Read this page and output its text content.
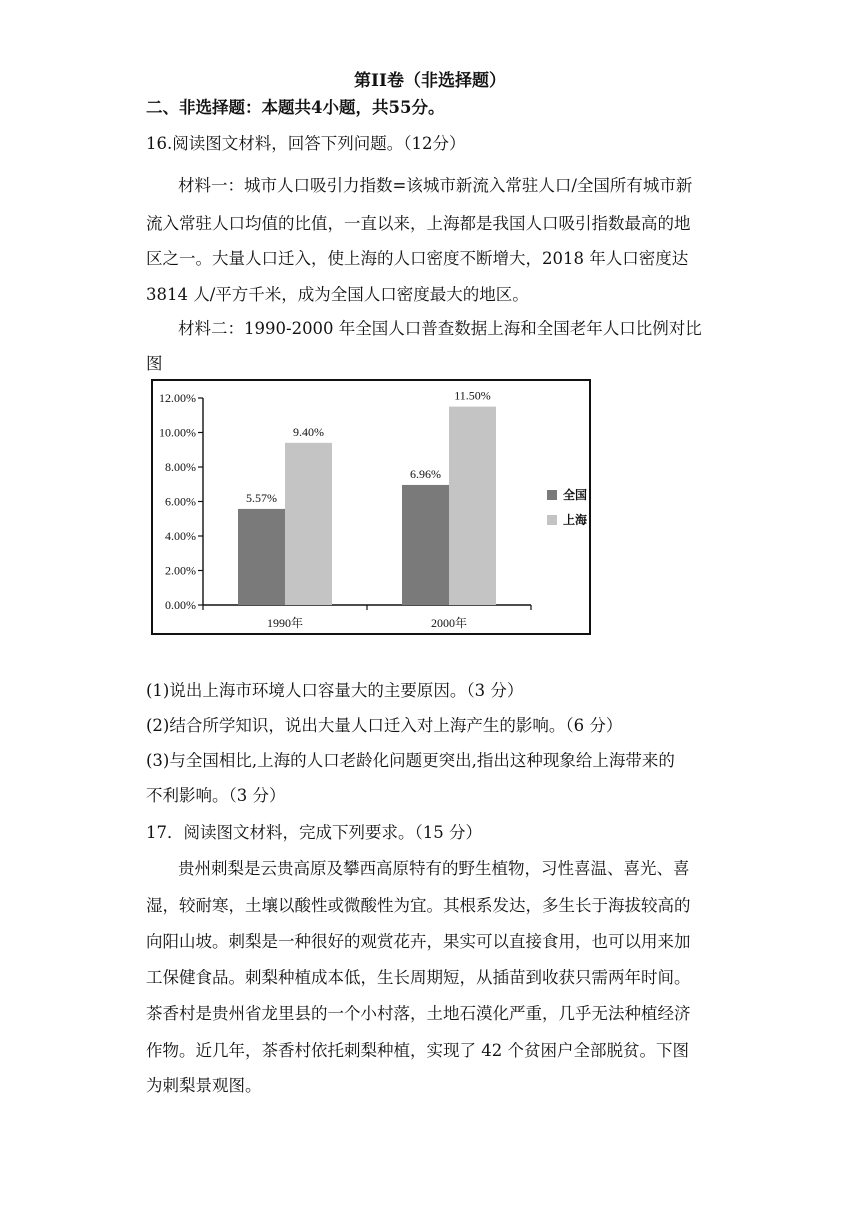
第II卷（非选择题）
二、非选择题：本题共4小题，共55分。
16.阅读图文材料，回答下列问题。（12分）
材料一：城市人口吸引力指数=该城市新流入常驻人口/全国所有城市新
流入常驻人口均值的比值，一直以来，上海都是我国人口吸引指数最高的地
区之一。大量人口迁入，使上海的人口密度不断增大，2018 年人口密度达
3814 人/平方千米，成为全国人口密度最大的地区。
材料二：1990-2000 年全国人口普查数据上海和全国老年人口比例对比
图
0.00%
2.00%
4.00%
6.00%
8.00%
10.00%
12.00%
5.57%
9.40%
1990年
6.96%
11.50%
2000年
全国
上海
(1)说出上海市环境人口容量大的主要原因。（3 分）
(2)结合所学知识，说出大量人口迁入对上海产生的影响。（6 分）
(3)与全国相比,上海的人口老龄化问题更突出,指出这种现象给上海带来的
不利影响。（3 分）
17．阅读图文材料，完成下列要求。（15 分）
贵州刺梨是云贵高原及攀西高原特有的野生植物，习性喜温、喜光、喜
湿，较耐寒，土壤以酸性或微酸性为宜。其根系发达，多生长于海拔较高的
向阳山坡。刺梨是一种很好的观赏花卉，果实可以直接食用，也可以用来加
工保健食品。刺梨种植成本低，生长周期短，从插苗到收获只需两年时间。
茶香村是贵州省龙里县的一个小村落，土地石漠化严重，几乎无法种植经济
作物。近几年，茶香村依托刺梨种植，实现了 42 个贫困户全部脱贫。下图
为刺梨景观图。
